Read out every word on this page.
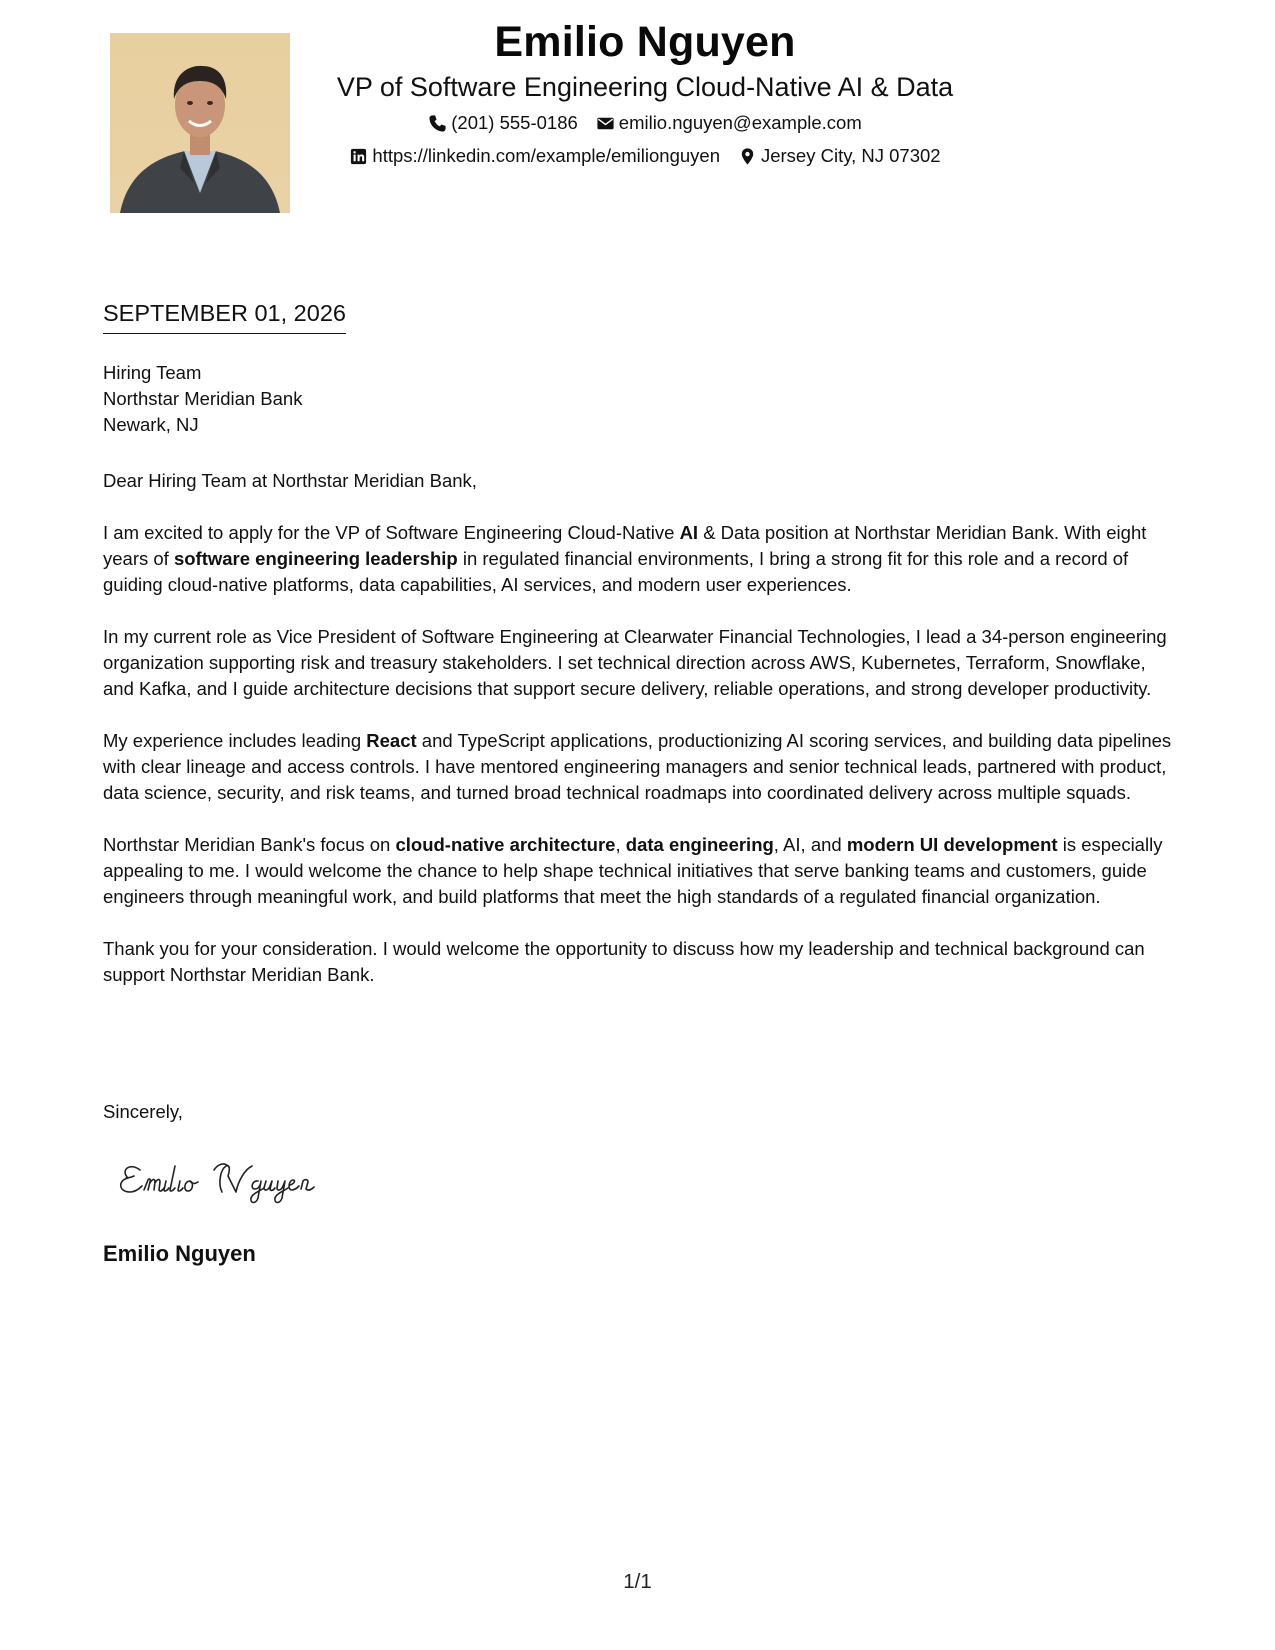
Emilio Nguyen
VP of Software Engineering Cloud-Native AI & Data
(201) 555-0186 emilio.nguyen@example.com
https://linkedin.com/example/emilionguyen Jersey City, NJ 07302
SEPTEMBER 01, 2026
Hiring Team
Northstar Meridian Bank
Newark, NJ

Dear Hiring Team at Northstar Meridian Bank,

I am excited to apply for the VP of Software Engineering Cloud-Native AI & Data position at Northstar Meridian Bank. With eight years of software engineering leadership in regulated financial environments, I bring a strong fit for this role and a record of guiding cloud-native platforms, data capabilities, AI services, and modern user experiences.

In my current role as Vice President of Software Engineering at Clearwater Financial Technologies, I lead a 34-person engineering organization supporting risk and treasury stakeholders. I set technical direction across AWS, Kubernetes, Terraform, Snowflake, and Kafka, and I guide architecture decisions that support secure delivery, reliable operations, and strong developer productivity.

My experience includes leading React and TypeScript applications, productionizing AI scoring services, and building data pipelines with clear lineage and access controls. I have mentored engineering managers and senior technical leads, partnered with product, data science, security, and risk teams, and turned broad technical roadmaps into coordinated delivery across multiple squads.

Northstar Meridian Bank's focus on cloud-native architecture, data engineering, AI, and modern UI development is especially appealing to me. I would welcome the chance to help shape technical initiatives that serve banking teams and customers, guide engineers through meaningful work, and build platforms that meet the high standards of a regulated financial organization.

Thank you for your consideration. I would welcome the opportunity to discuss how my leadership and technical background can support Northstar Meridian Bank.

Sincerely,
Emilio Nguyen
1/1
